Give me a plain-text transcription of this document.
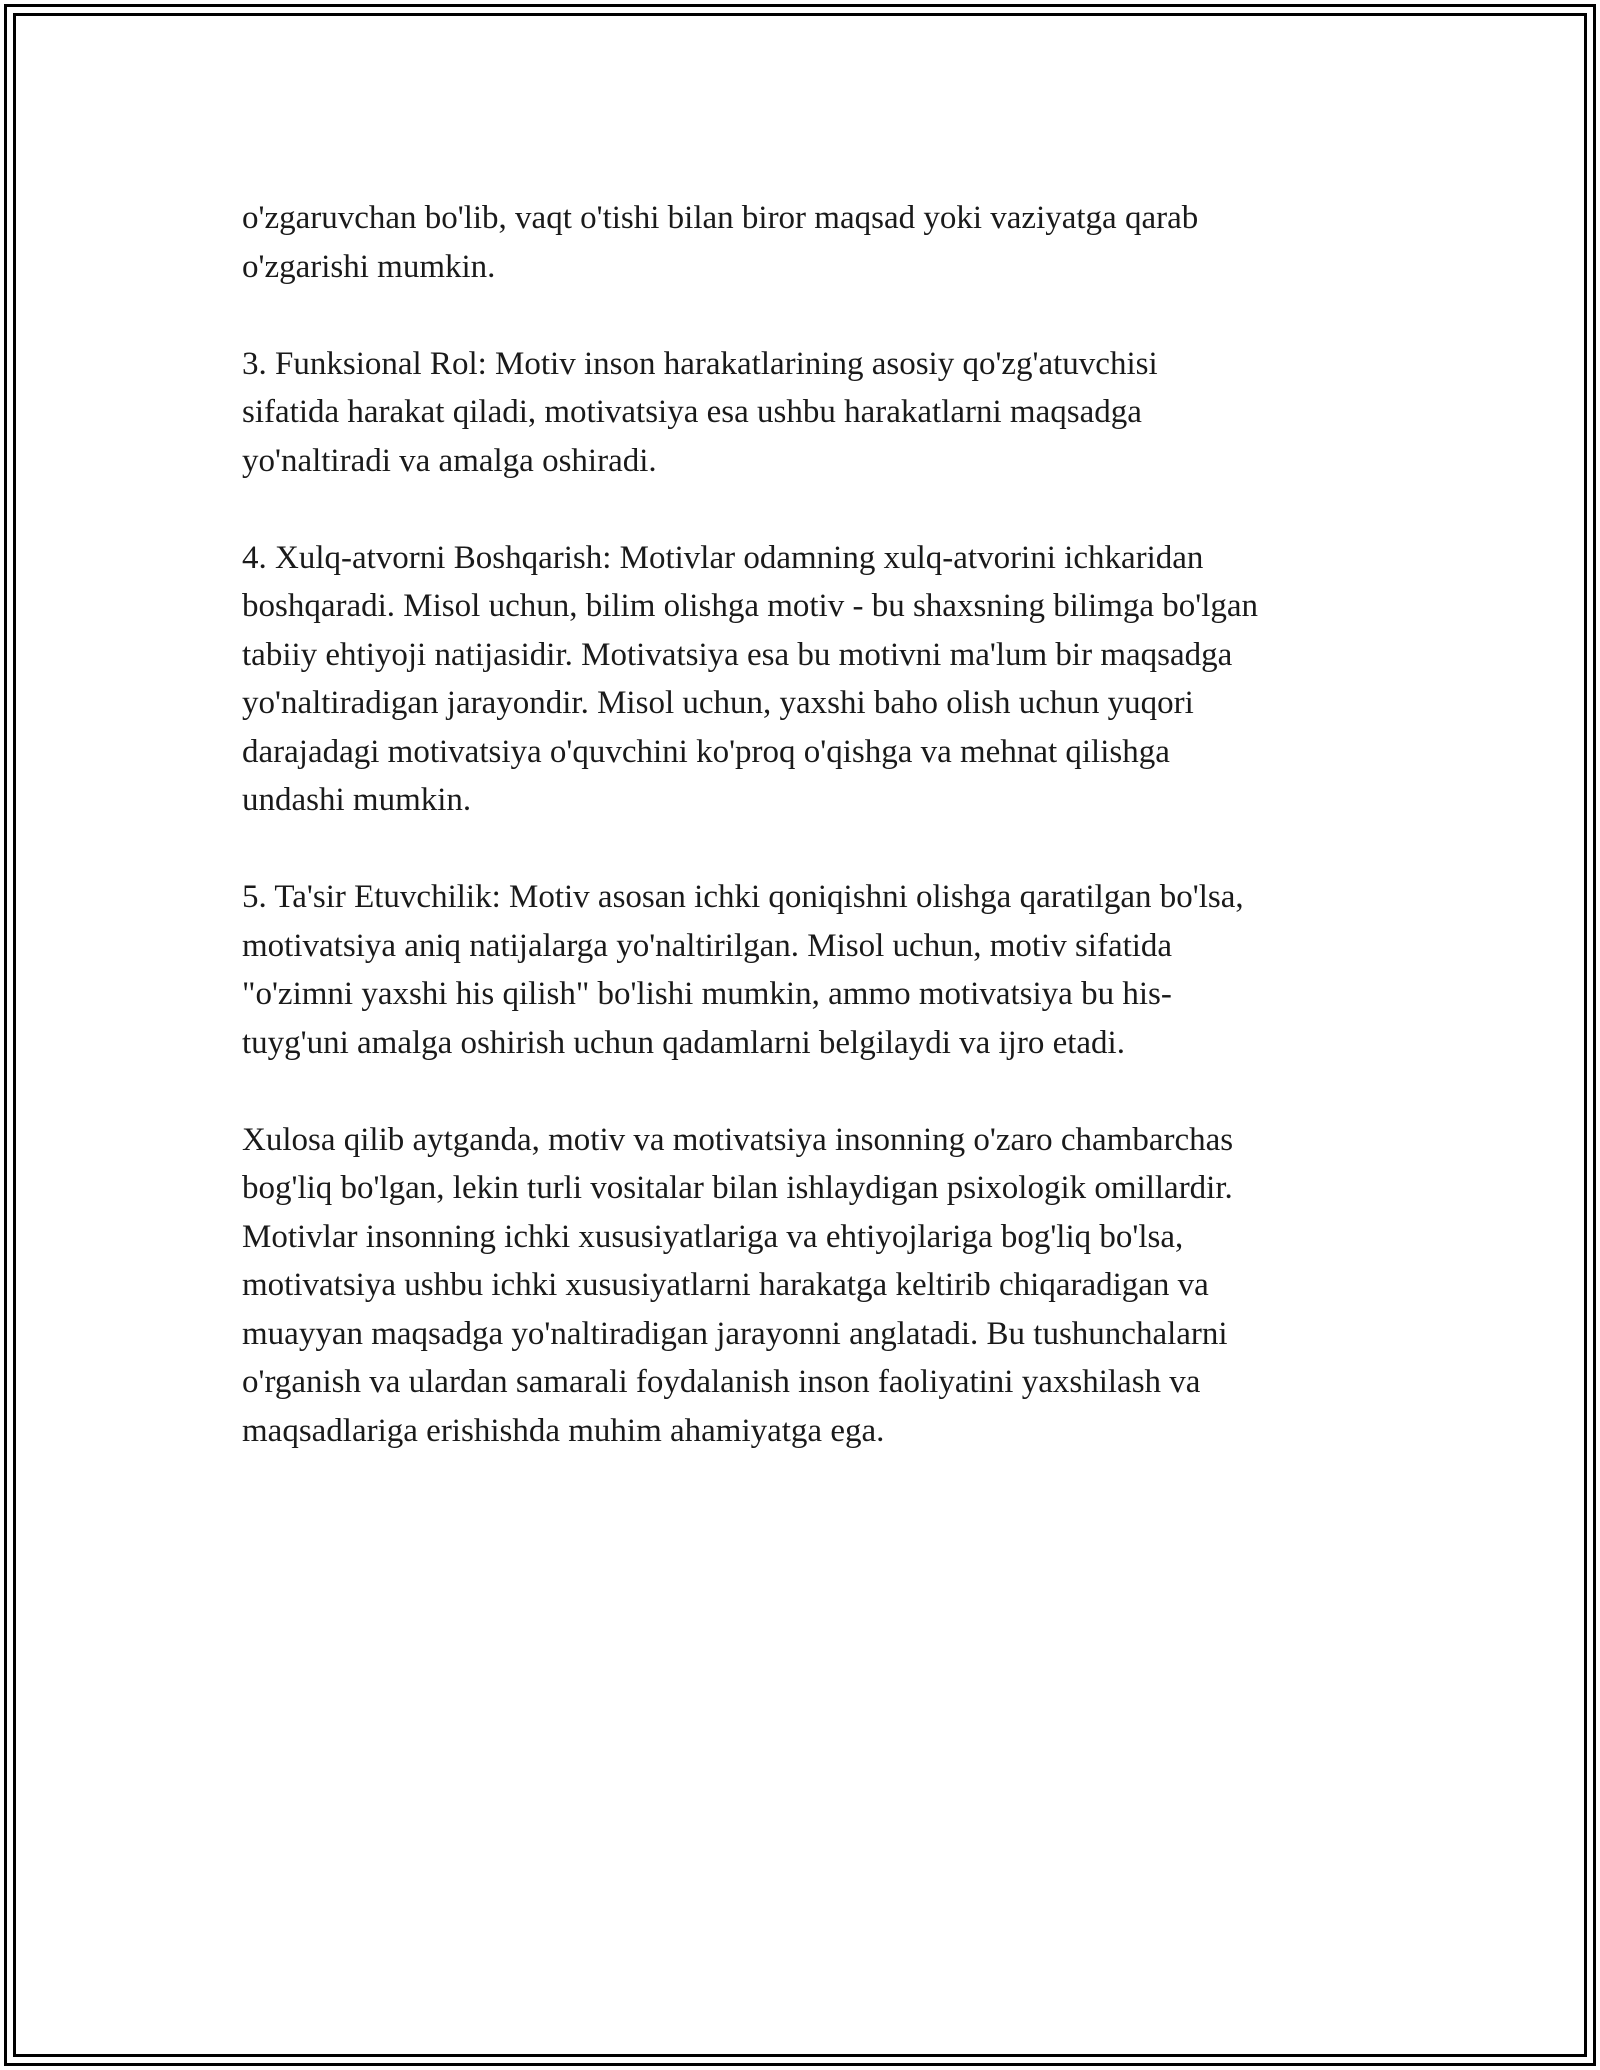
o'zgaruvchan bo'lib, vaqt o'tishi bilan biror maqsad yoki vaziyatga qarab
o'zgarishi mumkin.

3. Funksional Rol: Motiv inson harakatlarining asosiy qo'zg'atuvchisi
sifatida harakat qiladi, motivatsiya esa ushbu harakatlarni maqsadga
yo'naltiradi va amalga oshiradi.

4. Xulq-atvorni Boshqarish: Motivlar odamning xulq-atvorini ichkaridan
boshqaradi. Misol uchun, bilim olishga motiv - bu shaxsning bilimga bo'lgan
tabiiy ehtiyoji natijasidir. Motivatsiya esa bu motivni ma'lum bir maqsadga
yo'naltiradigan jarayondir. Misol uchun, yaxshi baho olish uchun yuqori
darajadagi motivatsiya o'quvchini ko'proq o'qishga va mehnat qilishga
undashi mumkin.

5. Ta'sir Etuvchilik: Motiv asosan ichki qoniqishni olishga qaratilgan bo'lsa,
motivatsiya aniq natijalarga yo'naltirilgan. Misol uchun, motiv sifatida
"o'zimni yaxshi his qilish" bo'lishi mumkin, ammo motivatsiya bu his-
tuyg'uni amalga oshirish uchun qadamlarni belgilaydi va ijro etadi.

Xulosa qilib aytganda, motiv va motivatsiya insonning o'zaro chambarchas
bog'liq bo'lgan, lekin turli vositalar bilan ishlaydigan psixologik omillardir.
Motivlar insonning ichki xususiyatlariga va ehtiyojlariga bog'liq bo'lsa,
motivatsiya ushbu ichki xususiyatlarni harakatga keltirib chiqaradigan va
muayyan maqsadga yo'naltiradigan jarayonni anglatadi. Bu tushunchalarni
o'rganish va ulardan samarali foydalanish inson faoliyatini yaxshilash va
maqsadlariga erishishda muhim ahamiyatga ega.
